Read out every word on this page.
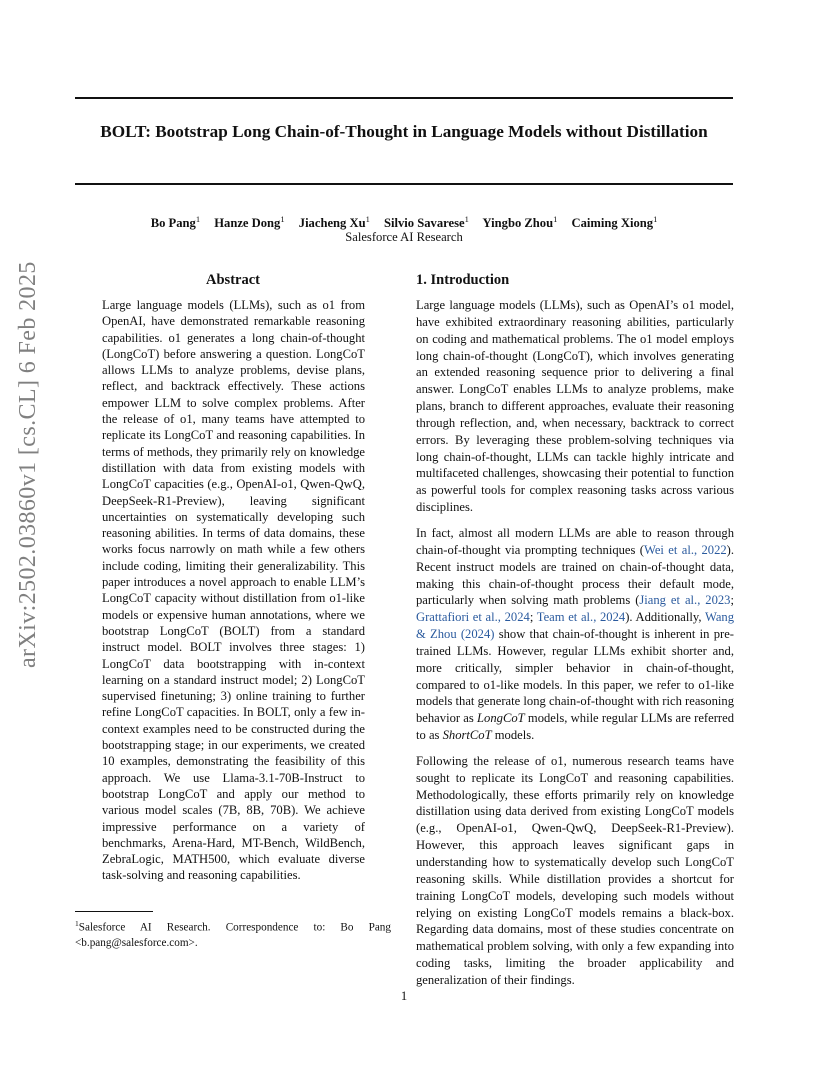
BOLT: Bootstrap Long Chain-of-Thought in Language Models without Distillation
Bo Pang$^1$ Hanze Dong$^1$ Jiacheng Xu$^1$ Silvio Savarese$^1$ Yingbo Zhou$^1$ Caiming Xiong$^1$
Salesforce AI Research
arXiv:2502.03860v1 [cs.CL] 6 Feb 2025	Abstract
Large language models (LLMs), such as o1 from OpenAI, have demonstrated remarkable reasoning capabilities. o1 generates a long chain-of-thought (LongCoT) before answering a question. LongCoT allows LLMs to analyze problems, devise plans, reflect, and backtrack effectively. These actions empower LLM to solve complex problems. After the release of o1, many teams have attempted to replicate its LongCoT and reasoning capabilities. In terms of methods, they primarily rely on knowledge distillation with data from existing models with LongCoT capacities (e.g., OpenAI-o1, Qwen-QwQ, DeepSeek-R1-Preview), leaving significant uncertainties on systematically developing such reasoning abilities. In terms of data domains, these works focus narrowly on math while a few others include coding, limiting their generalizability. This paper introduces a novel approach to enable LLM’s LongCoT capacity without distillation from o1-like models or expensive human annotations, where we bootstrap LongCoT (BOLT) from a standard instruct model. BOLT involves three stages: 1) LongCoT data bootstrapping with in-context learning on a standard instruct model; 2) LongCoT supervised finetuning; 3) online training to further refine LongCoT capacities. In BOLT, only a few in-context examples need to be constructed during the bootstrapping stage; in our experiments, we created 10 examples, demonstrating the feasibility of this approach. We use Llama-3.1-70B-Instruct to bootstrap LongCoT and apply our method to various model scales (7B, 8B, 70B). We achieve impressive performance on a variety of benchmarks, Arena-Hard, MT-Bench, WildBench, ZebraLogic, MATH500, which evaluate diverse task-solving and reasoning capabilities.
$^1$Salesforce AI Research. Correspondence to: Bo Pang <b.pang@salesforce.com>.
1. Introduction

Large language models (LLMs), such as OpenAI’s o1 model, have exhibited extraordinary reasoning abilities, particularly on coding and mathematical problems. The o1 model employs long chain-of-thought (LongCoT), which involves generating an extended reasoning sequence prior to delivering a final answer. LongCoT enables LLMs to analyze problems, make plans, branch to different approaches, evaluate their reasoning through reflection, and, when necessary, backtrack to correct errors. By leveraging these problem-solving techniques via long chain-of-thought, LLMs can tackle highly intricate and multifaceted challenges, showcasing their potential to function as powerful tools for complex reasoning tasks across various disciplines.

In fact, almost all modern LLMs are able to reason through chain-of-thought via prompting techniques (Wei et al., 2022). Recent instruct models are trained on chain-of-thought data, making this chain-of-thought process their default mode, particularly when solving math problems (Jiang et al., 2023; Grattafiori et al., 2024; Team et al., 2024). Additionally, Wang & Zhou (2024) show that chain-of-thought is inherent in pre-trained LLMs. However, regular LLMs exhibit shorter and, more critically, simpler behavior in chain-of-thought, compared to o1-like models. In this paper, we refer to o1-like models that generate long chain-of-thought with rich reasoning behavior as LongCoT models, while regular LLMs are referred to as ShortCoT models.

Following the release of o1, numerous research teams have sought to replicate its LongCoT and reasoning capabilities. Methodologically, these efforts primarily rely on knowledge distillation using data derived from existing LongCoT models (e.g., OpenAI-o1, Qwen-QwQ, DeepSeek-R1-Preview). However, this approach leaves significant gaps in understanding how to systematically develop such LongCoT reasoning skills. While distillation provides a shortcut for training LongCoT models, developing such models without relying on existing LongCoT models remains a black-box. Regarding data domains, most of these studies concentrate on mathematical problem solving, with only a few expanding into coding tasks, limiting the broader applicability and generalization of their findings.

1
